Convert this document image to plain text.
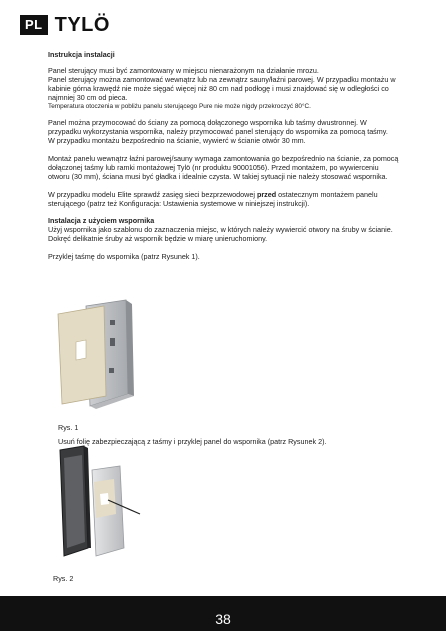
PL TYLÖ

Instrukcja instalacji

Panel sterujący musi być zamontowany w miejscu nienarażonym na działanie mrozu.

Panel sterujący można zamontować wewnątrz lub na zewnątrz sauny/łaźni parowej. W przypadku montażu w

kabinie górna krawędź nie może sięgać więcej niż 80 cm nad podłogę i musi znajdować się w odległości co

najmniej 30 cm od pieca.

Temperatura otoczenia w pobliżu panelu sterującego Pure nie może nigdy przekroczyć 80°C.

Panel można przymocować do ściany za pomocą dołączonego wspornika lub taśmy dwustronnej. W

przypadku wykorzystania wspornika, należy przymocować panel sterujący do wspornika za pomocą taśmy.

W przypadku montażu bezpośrednio na ścianie, wywierć w ścianie otwór 30 mm.

Montaż panelu wewnątrz łaźni parowej/sauny wymaga zamontowania go bezpośrednio na ścianie, za pomocą

dołączonej taśmy lub ramki montażowej Tylö (nr produktu 90001056). Przed montażem, po wywierceniu

otworu (30 mm), ściana musi być gładka i idealnie czysta. W takiej sytuacji nie należy stosować wspornika.

W przypadku modelu Elite sprawdź zasięg sieci bezprzewodowej przed ostatecznym montażem panelu

sterującego (patrz też Konfiguracja: Ustawienia systemowe w niniejszej instrukcji).

Instalacja z użyciem wspornika

Użyj wspornika jako szablonu do zaznaczenia miejsc, w których należy wywiercić otwory na śruby w ścianie.

Dokręć delikatnie śruby aż wspornik będzie w miarę unieruchomiony.

Przyklej taśmę do wspornika (patrz Rysunek 1).

Rys. 1
Usuń folię zabezpieczającą z taśmy i przyklej panel do wspornika (patrz Rysunek 2).
Rys. 2
38
